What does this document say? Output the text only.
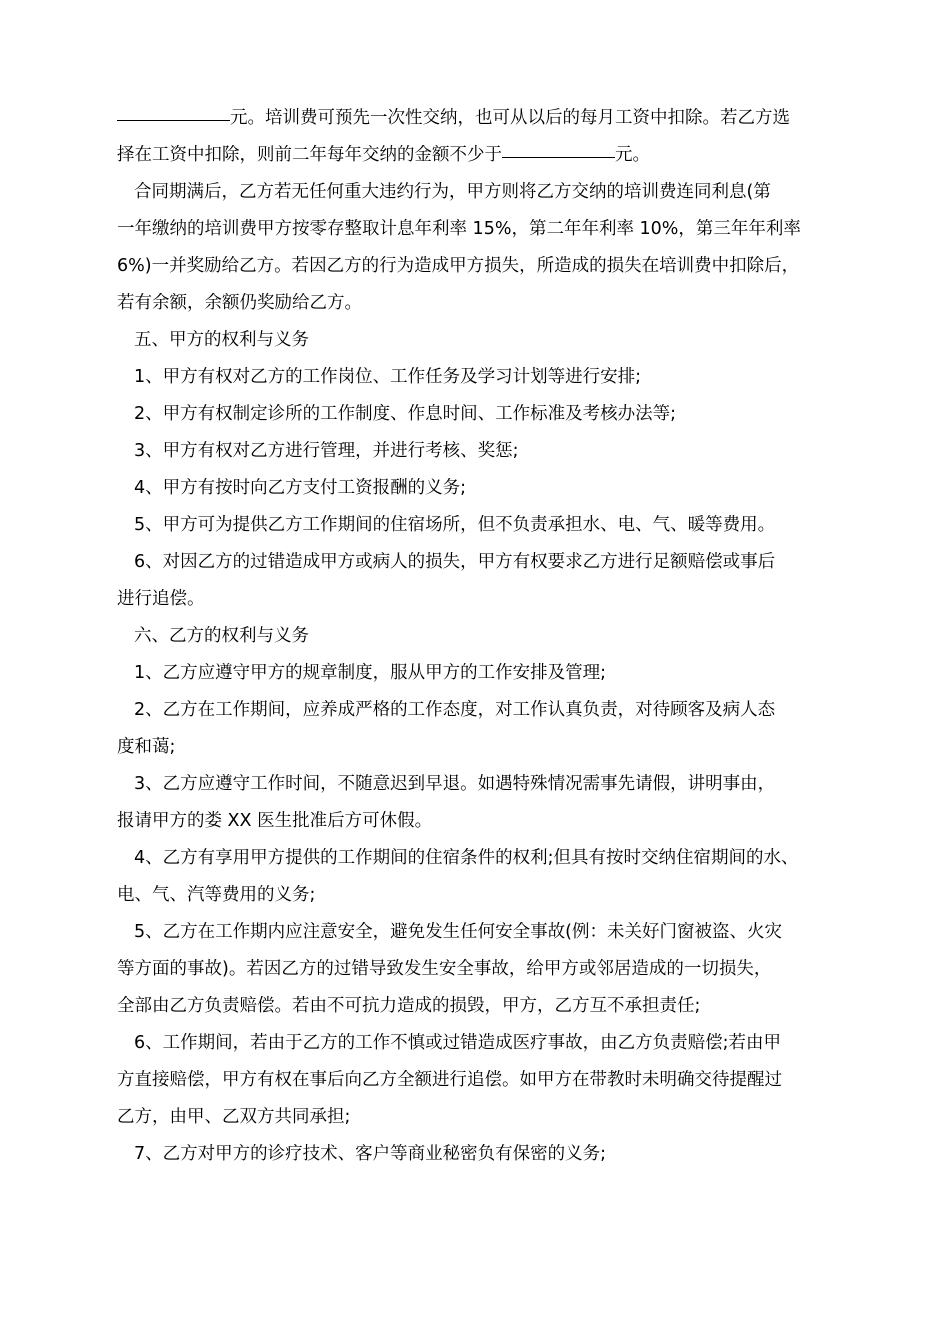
元。培训费可预先一次性交纳，也可从以后的每月工资中扣除。若乙方选
择在工资中扣除，则前二年每年交纳的金额不少于	元。
合同期满后，乙方若无任何重大违约行为，甲方则将乙方交纳的培训费连同利息(第
一年缴纳的培训费甲方按零存整取计息年利率 15%，第二年年利率 10%，第三年年利率
6%)一并奖励给乙方。若因乙方的行为造成甲方损失，所造成的损失在培训费中扣除后，
若有余额，余额仍奖励给乙方。
五、甲方的权利与义务
1、甲方有权对乙方的工作岗位、工作任务及学习计划等进行安排;
2、甲方有权制定诊所的工作制度、作息时间、工作标准及考核办法等;
3、甲方有权对乙方进行管理，并进行考核、奖惩;
4、甲方有按时向乙方支付工资报酬的义务;
5、甲方可为提供乙方工作期间的住宿场所，但不负责承担水、电、气、暖等费用。
6、对因乙方的过错造成甲方或病人的损失，甲方有权要求乙方进行足额赔偿或事后
进行追偿。
六、乙方的权利与义务
1、乙方应遵守甲方的规章制度，服从甲方的工作安排及管理;
2、乙方在工作期间，应养成严格的工作态度，对工作认真负责，对待顾客及病人态
度和蔼;
3、乙方应遵守工作时间，不随意迟到早退。如遇特殊情况需事先请假，讲明事由，
报请甲方的娄 XX 医生批准后方可休假。
4、乙方有享用甲方提供的工作期间的住宿条件的权利;但具有按时交纳住宿期间的水、
电、气、汽等费用的义务;
5、乙方在工作期内应注意安全，避免发生任何安全事故(例：未关好门窗被盗、火灾
等方面的事故)。若因乙方的过错导致发生安全事故，给甲方或邻居造成的一切损失，
全部由乙方负责赔偿。若由不可抗力造成的损毁，甲方，乙方互不承担责任;
6、工作期间，若由于乙方的工作不慎或过错造成医疗事故，由乙方负责赔偿;若由甲
方直接赔偿，甲方有权在事后向乙方全额进行追偿。如甲方在带教时未明确交待提醒过
乙方，由甲、乙双方共同承担;
7、乙方对甲方的诊疗技术、客户等商业秘密负有保密的义务;
